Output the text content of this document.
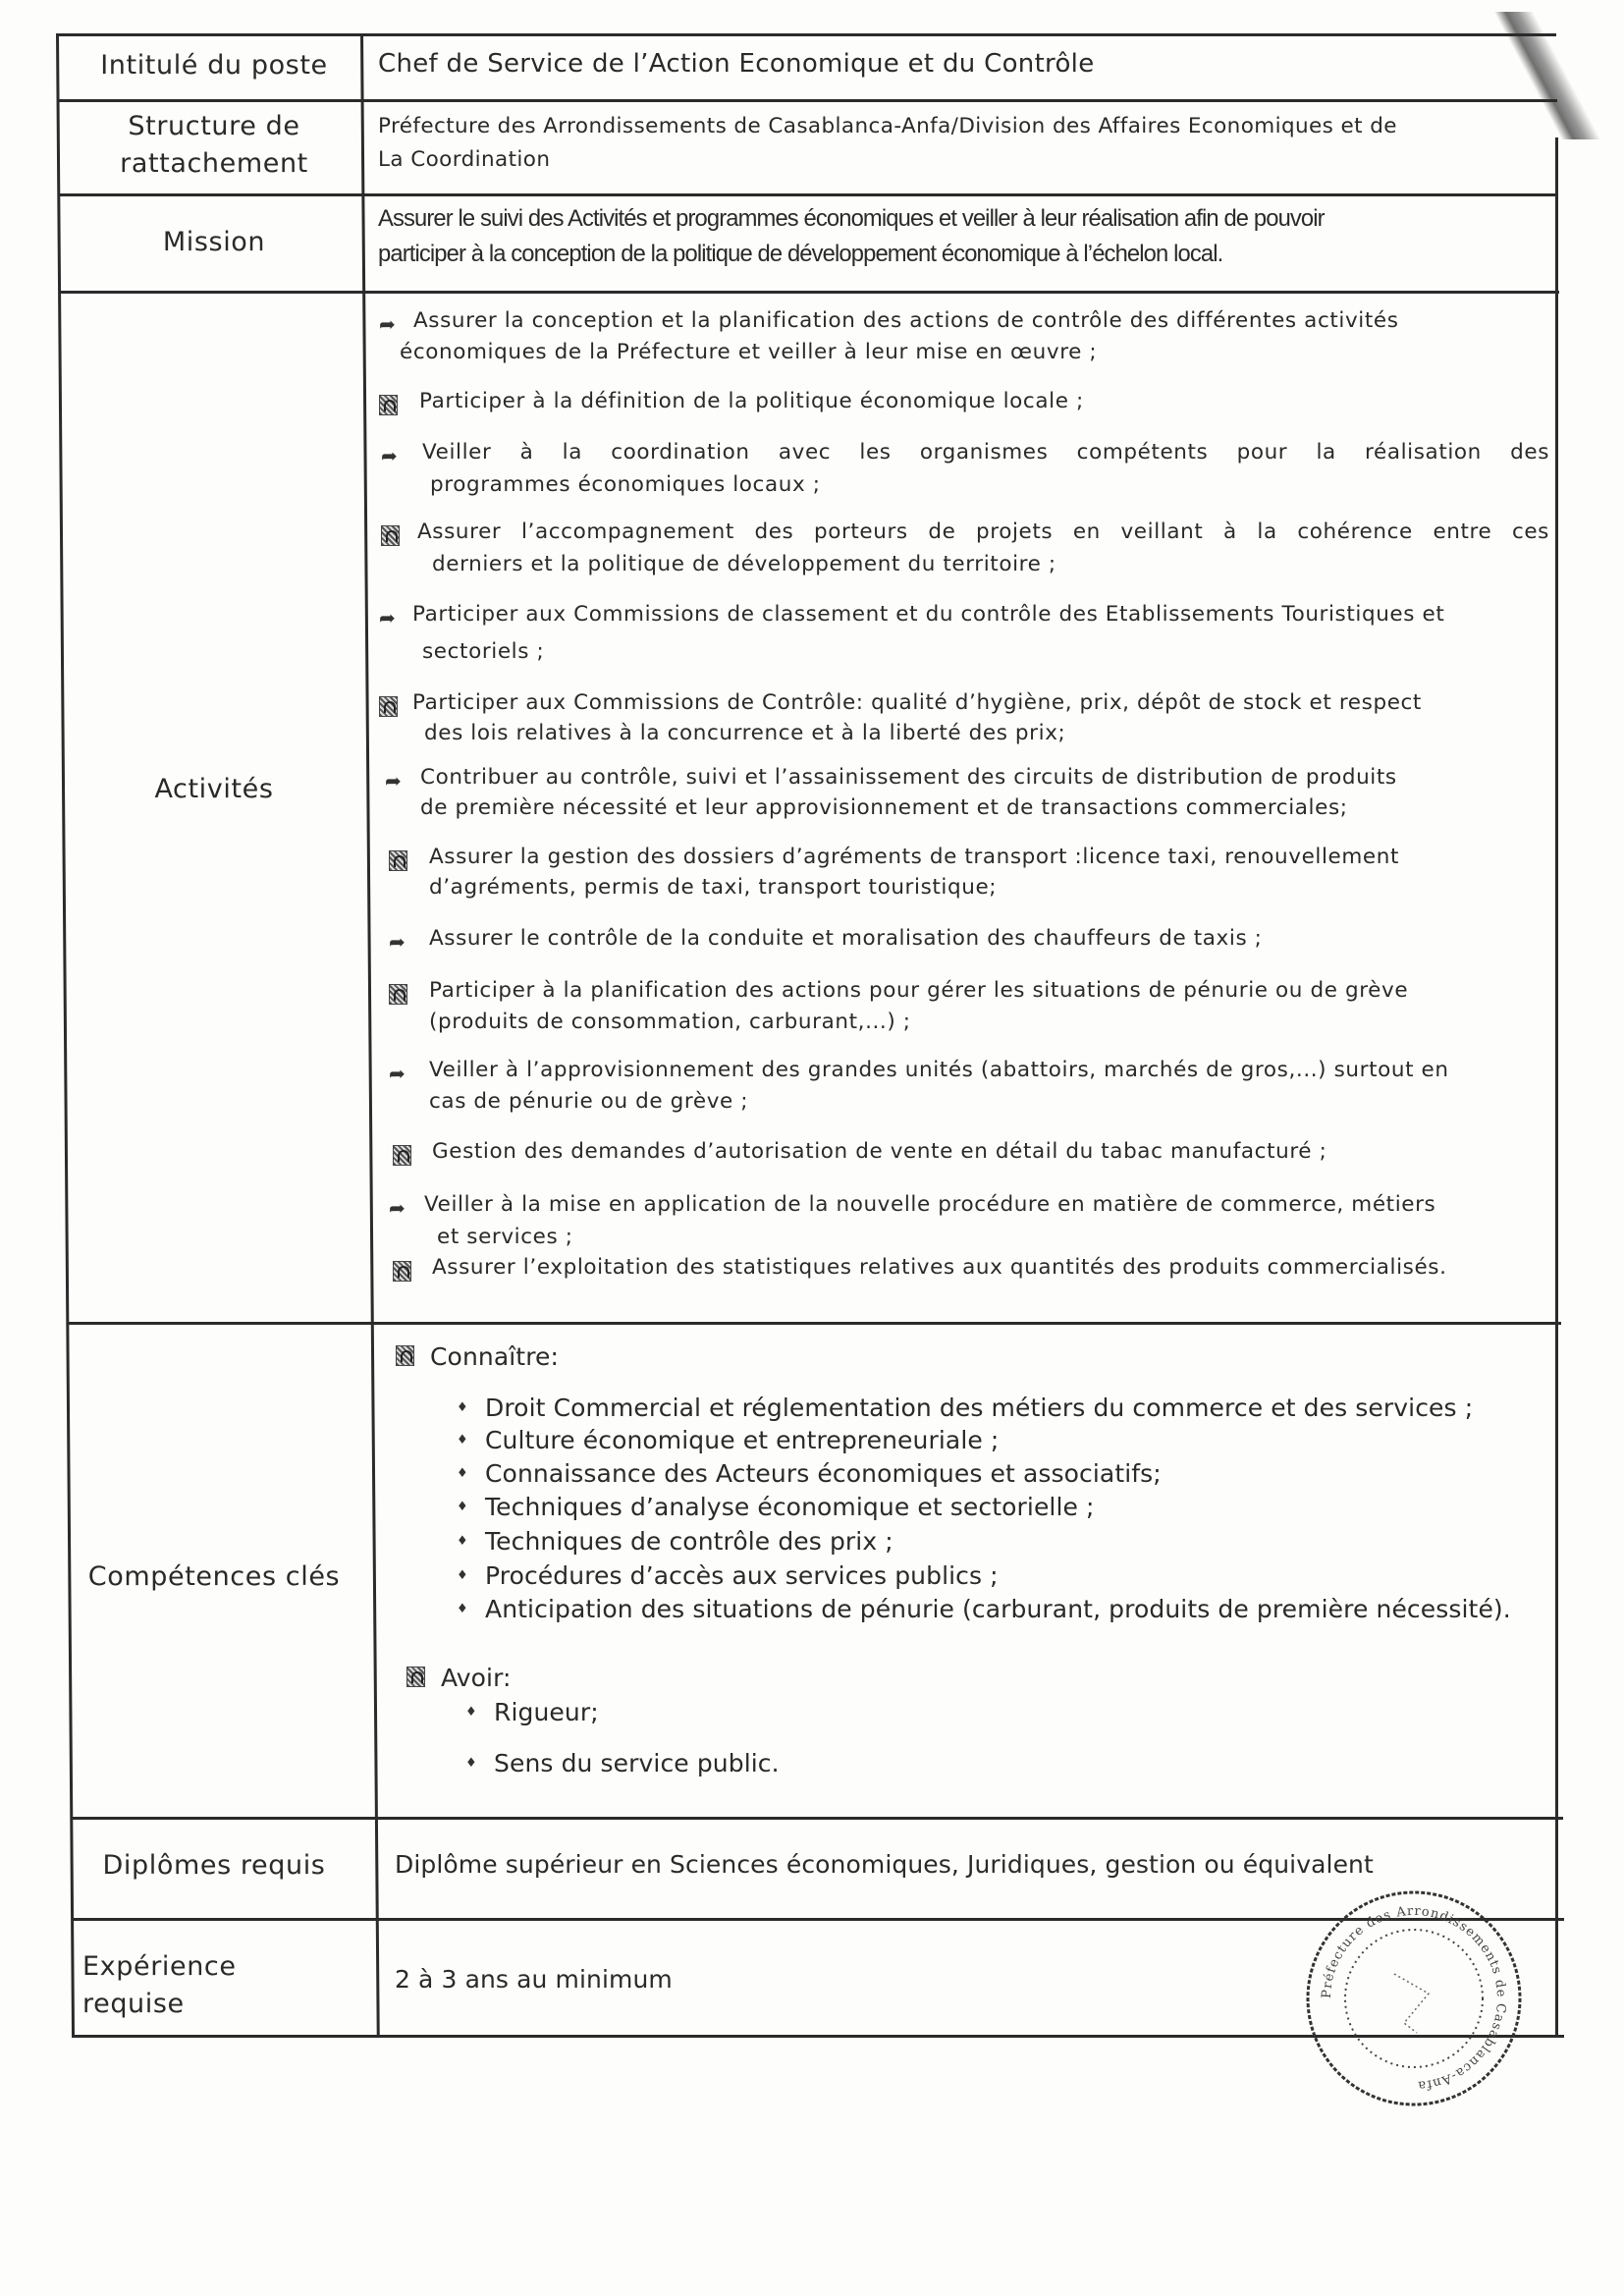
Intitulé du poste	Chef de Service de l’Action Economique et du Contrôle
Structure de
rattachement
Préfecture des Arrondissements de Casablanca-Anfa/Division des Affaires Economiques et de
La Coordination
Mission
Assurer le suivi des Activités et programmes économiques et veiller à leur réalisation afin de pouvoir
participer à la conception de la politique de développement économique à l’échelon local.
Activités
➦ Assurer la conception et la planification des actions de contrôle des différentes activités
économiques de la Préfecture et veiller à leur mise en œuvre ;
Participer à la définition de la politique économique locale ;
➦ Veiller à la coordination avec les organismes compétents pour la réalisation des
programmes économiques locaux ;
Assurer l’accompagnement des porteurs de projets en veillant à la cohérence entre ces
derniers et la politique de développement du territoire ;
➦ Participer aux Commissions de classement et du contrôle des Etablissements Touristiques et
sectoriels ;
Participer aux Commissions de Contrôle: qualité d’hygiène, prix, dépôt de stock et respect
des lois relatives à la concurrence et à la liberté des prix;
➦ Contribuer au contrôle, suivi et l’assainissement des circuits de distribution de produits
de première nécessité et leur approvisionnement et de transactions commerciales;
Assurer la gestion des dossiers d’agréments de transport :licence taxi, renouvellement
d’agréments, permis de taxi, transport touristique;
➦ Assurer le contrôle de la conduite et moralisation des chauffeurs de taxis ;
Participer à la planification des actions pour gérer les situations de pénurie ou de grève
(produits de consommation, carburant,...) ;
➦ Veiller à l’approvisionnement des grandes unités (abattoirs, marchés de gros,...) surtout en
cas de pénurie ou de grève ;
Gestion des demandes d’autorisation de vente en détail du tabac manufacturé ;
➦ Veiller à la mise en application de la nouvelle procédure en matière de commerce, métiers
et services ;
Assurer l’exploitation des statistiques relatives aux quantités des produits commercialisés.
Compétences clés
Connaître:
♦ Droit Commercial et réglementation des métiers du commerce et des services ;
♦ Culture économique et entrepreneuriale ;
♦ Connaissance des Acteurs économiques et associatifs;
♦ Techniques d’analyse économique et sectorielle ;
♦ Techniques de contrôle des prix ;
♦ Procédures d’accès aux services publics ;
♦ Anticipation des situations de pénurie (carburant, produits de première nécessité).
Avoir:
♦ Rigueur;
♦ Sens du service public.
Diplômes requis	Diplôme supérieur en Sciences économiques, Juridiques, gestion ou équivalent
Expérience
requise
2 à 3 ans au minimum
Préfecture des Arrondissements de Casablanca-Anfa
